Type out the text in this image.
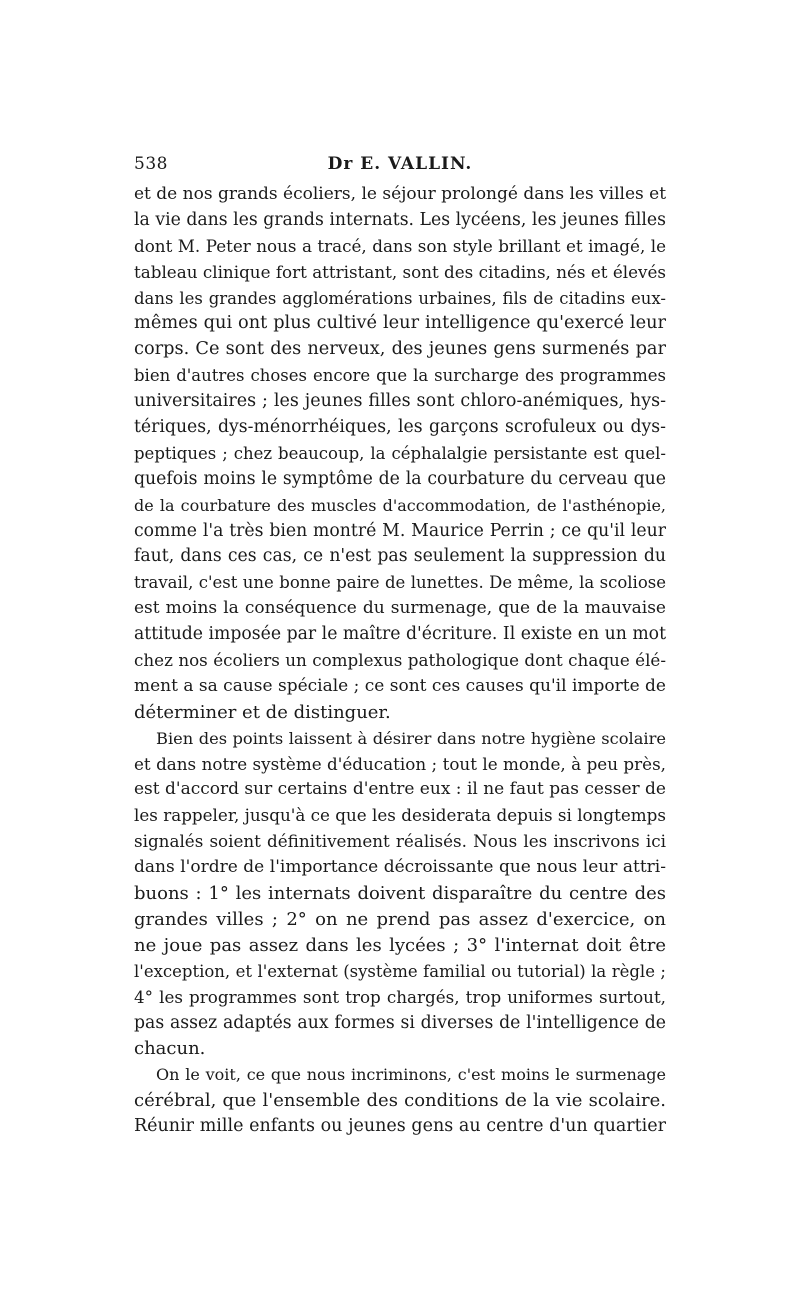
538	Dr E. VALLIN.
et de nos grands écoliers, le séjour prolongé dans les villes et
la vie dans les grands internats. Les lycéens, les jeunes filles
dont M. Peter nous a tracé, dans son style brillant et imagé, le
tableau clinique fort attristant, sont des citadins, nés et élevés
dans les grandes agglomérations urbaines, fils de citadins eux-
mêmes qui ont plus cultivé leur intelligence qu'exercé leur
corps. Ce sont des nerveux, des jeunes gens surmenés par
bien d'autres choses encore que la surcharge des programmes
universitaires ; les jeunes filles sont chloro-anémiques, hys-
tériques, dys-ménorrhéiques, les garçons scrofuleux ou dys-
peptiques ; chez beaucoup, la céphalalgie persistante est quel-
quefois moins le symptôme de la courbature du cerveau que
de la courbature des muscles d'accommodation, de l'asthénopie,
comme l'a très bien montré M. Maurice Perrin ; ce qu'il leur
faut, dans ces cas, ce n'est pas seulement la suppression du
travail, c'est une bonne paire de lunettes. De même, la scoliose
est moins la conséquence du surmenage, que de la mauvaise
attitude imposée par le maître d'écriture. Il existe en un mot
chez nos écoliers un complexus pathologique dont chaque élé-
ment a sa cause spéciale ; ce sont ces causes qu'il importe de
déterminer et de distinguer.
Bien des points laissent à désirer dans notre hygiène scolaire
et dans notre système d'éducation ; tout le monde, à peu près,
est d'accord sur certains d'entre eux : il ne faut pas cesser de
les rappeler, jusqu'à ce que les desiderata depuis si longtemps
signalés soient définitivement réalisés. Nous les inscrivons ici
dans l'ordre de l'importance décroissante que nous leur attri-
buons : 1° les internats doivent disparaître du centre des
grandes villes ; 2° on ne prend pas assez d'exercice, on
ne joue pas assez dans les lycées ; 3° l'internat doit être
l'exception, et l'externat (système familial ou tutorial) la règle ;
4° les programmes sont trop chargés, trop uniformes surtout,
pas assez adaptés aux formes si diverses de l'intelligence de
chacun.
On le voit, ce que nous incriminons, c'est moins le surmenage
cérébral, que l'ensemble des conditions de la vie scolaire.
Réunir mille enfants ou jeunes gens au centre d'un quartier
